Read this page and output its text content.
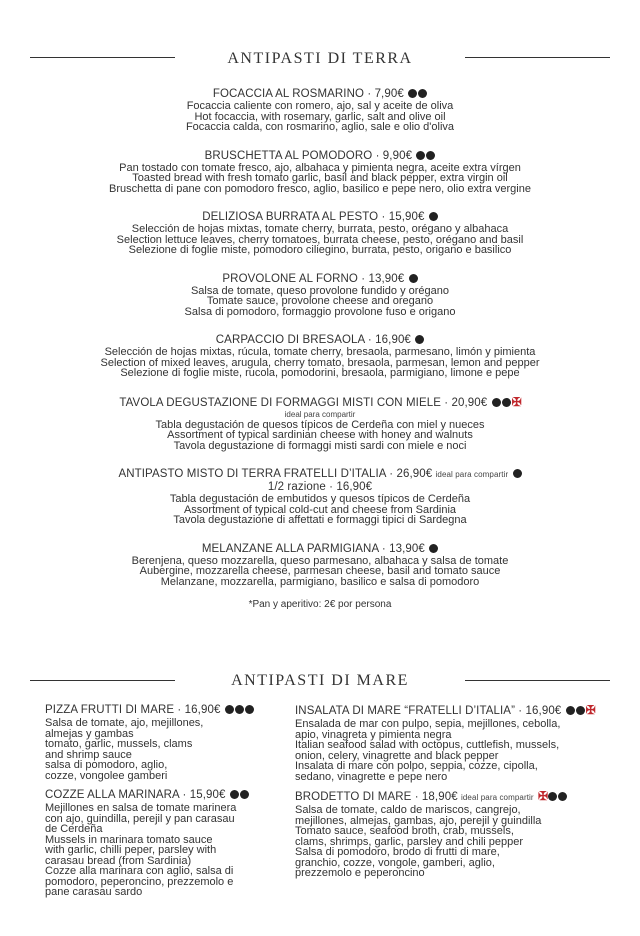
ANTIPASTI DI TERRA
FOCACCIA AL ROSMARINO · 7,90€
Focaccia caliente con romero, ajo, sal y aceite de oliva
Hot focaccia, with rosemary, garlic, salt and olive oil
Focaccia calda, con rosmarino, aglio, sale e olio d'oliva
BRUSCHETTA AL POMODORO · 9,90€
Pan tostado con tomate fresco, ajo, albahaca y pimienta negra, aceite extra vírgen
Toasted bread with fresh tomato garlic, basil and black pepper, extra virgin oil
Bruschetta di pane con pomodoro fresco, aglio, basilico e pepe nero, olio extra vergine
DELIZIOSA BURRATA AL PESTO · 15,90€
Selección de hojas mixtas, tomate cherry, burrata, pesto, orégano y albahaca
Selection lettuce leaves, cherry tomatoes, burrata cheese, pesto, orégano and basil
Selezione di foglie miste, pomodoro ciliegino, burrata, pesto, origano e basilico
PROVOLONE AL FORNO · 13,90€
Salsa de tomate, queso provolone fundido y orégano
Tomate sauce, provolone cheese and oregano
Salsa di pomodoro, formaggio provolone fuso e origano
CARPACCIO DI BRESAOLA · 16,90€
Selección de hojas mixtas, rúcula, tomate cherry, bresaola, parmesano, limón y pimienta
Selection of mixed leaves, arugula, cherry tomato, bresaola, parmesan, lemon and pepper
Selezione di foglie miste, rucola, pomodorini, bresaola, parmigiano, limone e pepe
TAVOLA DEGUSTAZIONE DI FORMAGGI MISTI CON MIELE · 20,90€ ✠
ideal para compartir
Tabla degustación de quesos típicos de Cerdeña con miel y nueces
Assortment of typical sardinian cheese with honey and walnuts
Tavola degustazione di formaggi misti sardi con miele e noci
ANTIPASTO MISTO DI TERRA FRATELLI D’ITALIA · 26,90€ ideal para compartir
1/2 razione · 16,90€
Tabla degustación de embutidos y quesos típicos de Cerdeña
Assortment of typical cold-cut and cheese from Sardinia
Tavola degustazione di affettati e formaggi tipici di Sardegna
MELANZANE ALLA PARMIGIANA · 13,90€
Berenjena, queso mozzarella, queso parmesano, albahaca y salsa de tomate
Aubergine, mozzarella cheese, parmesan cheese, basil and tomato sauce
Melanzane, mozzarella, parmigiano, basilico e salsa di pomodoro
*Pan y aperitivo: 2€ por persona
ANTIPASTI DI MARE
PIZZA FRUTTI DI MARE · 16,90€
Salsa de tomate, ajo, mejillones,
almejas y gambas
tomato, garlic, mussels, clams
and shrimp sauce
salsa di pomodoro, aglio,
cozze, vongolee gamberi
COZZE ALLA MARINARA · 15,90€
Mejillones en salsa de tomate marinera
con ajo, guindilla, perejil y pan carasau
de Cerdeña
Mussels in marinara tomato sauce
with garlic, chilli peper, parsley with
carasau bread (from Sardinia)
Cozze alla marinara con aglio, salsa di
pomodoro, peperoncino, prezzemolo e
pane carasau sardo
INSALATA DI MARE “FRATELLI D’ITALIA” · 16,90€ ✠
Ensalada de mar con pulpo, sepia, mejillones, cebolla,
apio, vinagreta y pimienta negra
Italian seafood salad with octopus, cuttlefish, mussels,
onion, celery, vinagrette and black pepper
Insalata di mare con polpo, seppia, cozze, cipolla,
sedano, vinagrette e pepe nero
BRODETTO DI MARE · 18,90€ ideal para compartir ✠
Salsa de tomate, caldo de mariscos, cangrejo,
mejillones, almejas, gambas, ajo, perejil y guindilla
Tomato sauce, seafood broth, crab, mussels,
clams, shrimps, garlic, parsley and chili pepper
Salsa di pomodoro, brodo di frutti di mare,
granchio, cozze, vongole, gamberi, aglio,
prezzemolo e peperoncino
